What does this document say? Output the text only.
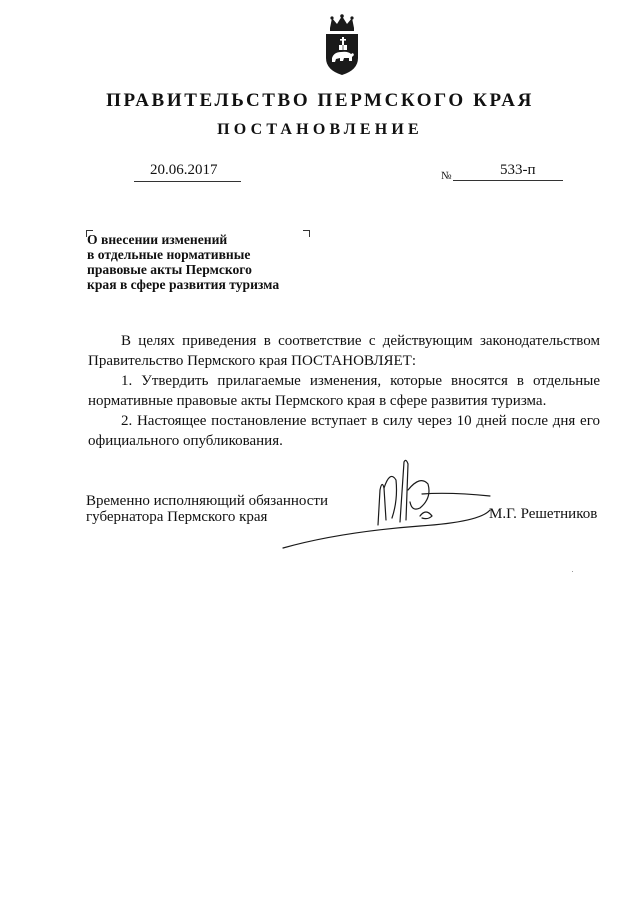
ПРАВИТЕЛЬСТВО ПЕРМСКОГО КРАЯ
ПОСТАНОВЛЕНИЕ
20.06.2017	№	533-п
О внесении изменений
в отдельные нормативные
правовые акты Пермского
края в сфере развития туризма

В целях приведения в соответствие с действующим законодательством Правительство Пермского края ПОСТАНОВЛЯЕТ:

1. Утвердить прилагаемые изменения, которые вносятся в отдельные нормативные правовые акты Пермского края в сфере развития туризма.

2. Настоящее постановление вступает в силу через 10 дней после дня его официального опубликования.

Временно исполняющий обязанности
губернатора Пермского края	М.Г. Решетников
